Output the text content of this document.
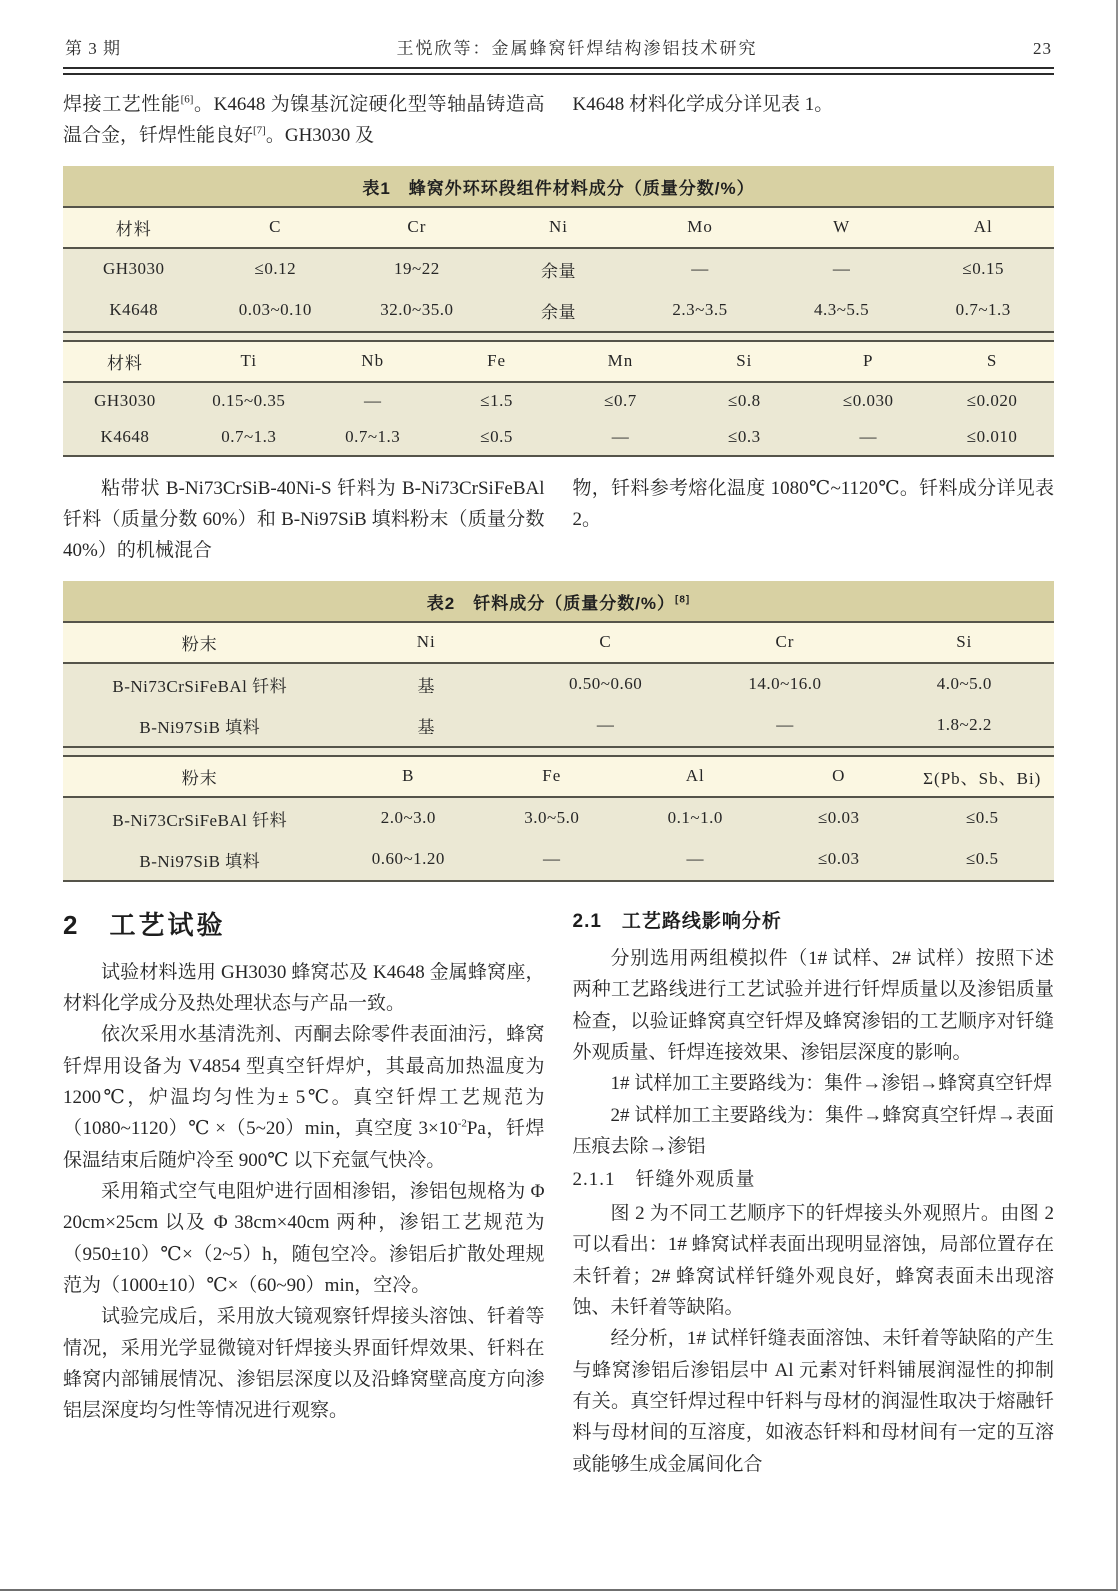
第 3 期	王悦欣等：金属蜂窝钎焊结构渗铝技术研究	23

焊接工艺性能[6]。K4648 为镍基沉淀硬化型等轴晶铸造高温合金，钎焊性能良好[7]。GH3030 及

K4648 材料化学成分详见表 1。

表1　蜂窝外环环段组件材料成分（质量分数/%）
材料	C	Cr	Ni	Mo	W	Al
GH3030	≤0.12	19~22	余量	—	—	≤0.15
K4648	0.03~0.10	32.0~35.0	余量	2.3~3.5	4.3~5.5	0.7~1.3
材料	Ti	Nb	Fe	Mn	Si	P	S
GH3030	0.15~0.35	—	≤1.5	≤0.7	≤0.8	≤0.030	≤0.020
K4648	0.7~1.3	0.7~1.3	≤0.5	—	≤0.3	—	≤0.010

粘带状 B-Ni73CrSiB-40Ni-S 钎料为 B-Ni73CrSiFeBAl 钎料（质量分数 60%）和 B-Ni97SiB 填料粉末（质量分数 40%）的机械混合

物，钎料参考熔化温度 1080℃~1120℃。钎料成分详见表 2。

表2　钎料成分（质量分数/%）[8]
粉末	Ni	C	Cr	Si
B-Ni73CrSiFeBAl 钎料	基	0.50~0.60	14.0~16.0	4.0~5.0
B-Ni97SiB 填料	基	—	—	1.8~2.2
粉末	B	Fe	Al	O	Σ(Pb、Sb、Bi)
B-Ni73CrSiFeBAl 钎料	2.0~3.0	3.0~5.0	0.1~1.0	≤0.03	≤0.5
B-Ni97SiB 填料	0.60~1.20	—	—	≤0.03	≤0.5
2　工艺试验

试验材料选用 GH3030 蜂窝芯及 K4648 金属蜂窝座，材料化学成分及热处理状态与产品一致。

依次采用水基清洗剂、丙酮去除零件表面油污，蜂窝钎焊用设备为 V4854 型真空钎焊炉，其最高加热温度为 1200℃，炉温均匀性为± 5℃。真空钎焊工艺规范为（1080~1120）℃ ×（5~20）min，真空度 3×10$^{-2}$Pa，钎焊保温结束后随炉冷至 900℃ 以下充氩气快冷。

采用箱式空气电阻炉进行固相渗铝，渗铝包规格为 Φ 20cm×25cm 以及 Φ 38cm×40cm 两种，渗铝工艺规范为（950±10）℃×（2~5）h，随包空冷。渗铝后扩散处理规范为（1000±10）℃×（60~90）min，空冷。

试验完成后，采用放大镜观察钎焊接头溶蚀、钎着等情况，采用光学显微镜对钎焊接头界面钎焊效果、钎料在蜂窝内部铺展情况、渗铝层深度以及沿蜂窝壁高度方向渗铝层深度均匀性等情况进行观察。

2.1　工艺路线影响分析

分别选用两组模拟件（1# 试样、2# 试样）按照下述两种工艺路线进行工艺试验并进行钎焊质量以及渗铝质量检查，以验证蜂窝真空钎焊及蜂窝渗铝的工艺顺序对钎缝外观质量、钎焊连接效果、渗铝层深度的影响。

1# 试样加工主要路线为：集件→渗铝→蜂窝真空钎焊

2# 试样加工主要路线为：集件→蜂窝真空钎焊→表面压痕去除→渗铝

2.1.1　钎缝外观质量

图 2 为不同工艺顺序下的钎焊接头外观照片。由图 2 可以看出：1# 蜂窝试样表面出现明显溶蚀，局部位置存在未钎着；2# 蜂窝试样钎缝外观良好，蜂窝表面未出现溶蚀、未钎着等缺陷。

经分析，1# 试样钎缝表面溶蚀、未钎着等缺陷的产生与蜂窝渗铝后渗铝层中 Al 元素对钎料铺展润湿性的抑制有关。真空钎焊过程中钎料与母材的润湿性取决于熔融钎料与母材间的互溶度，如液态钎料和母材间有一定的互溶或能够生成金属间化合
